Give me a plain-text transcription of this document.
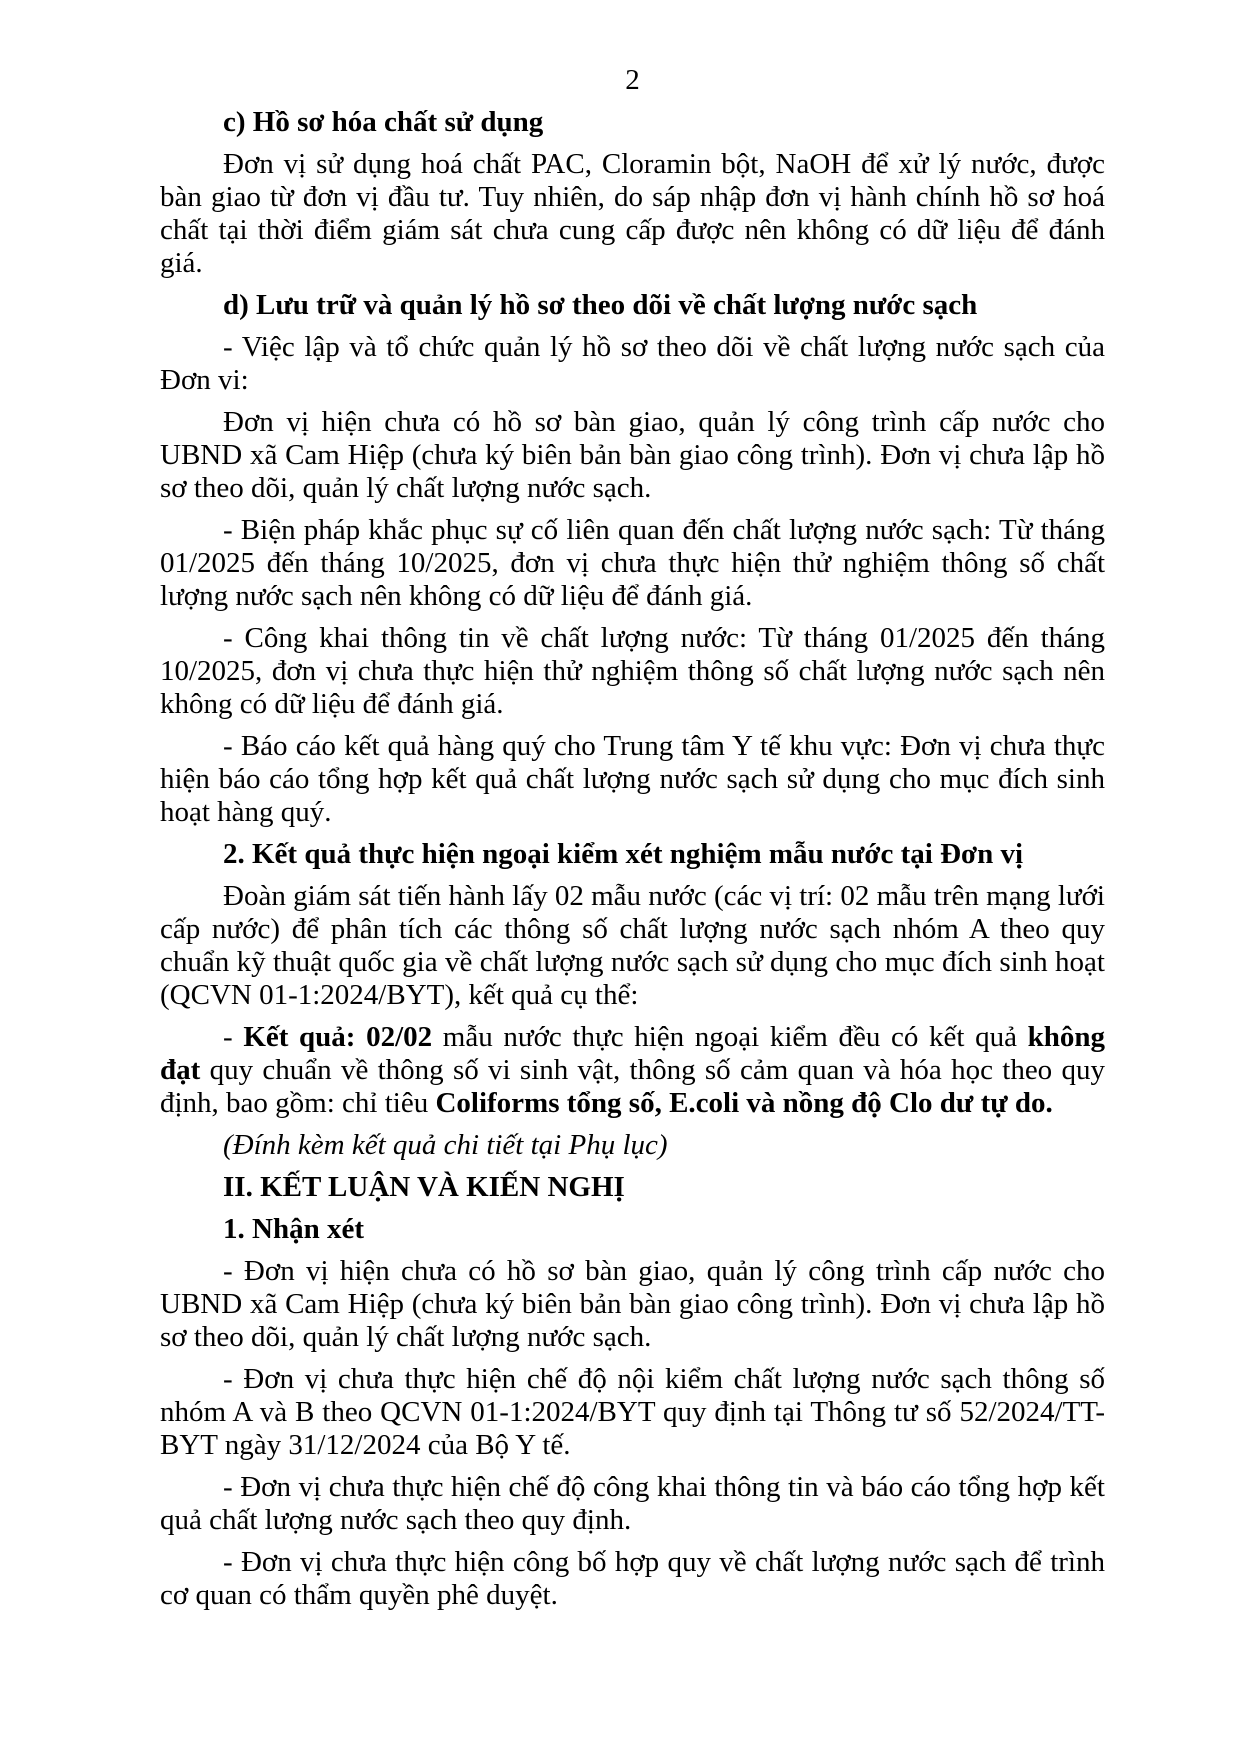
2
c) Hồ sơ hóa chất sử dụng

Đơn vị sử dụng hoá chất PAC, Cloramin bột, NaOH để xử lý nước, được bàn giao từ đơn vị đầu tư. Tuy nhiên, do sáp nhập đơn vị hành chính hồ sơ hoá chất tại thời điểm giám sát chưa cung cấp được nên không có dữ liệu để đánh giá.

d) Lưu trữ và quản lý hồ sơ theo dõi về chất lượng nước sạch

- Việc lập và tổ chức quản lý hồ sơ theo dõi về chất lượng nước sạch của Đơn vi:

Đơn vị hiện chưa có hồ sơ bàn giao, quản lý công trình cấp nước cho UBND xã Cam Hiệp (chưa ký biên bản bàn giao công trình). Đơn vị chưa lập hồ sơ theo dõi, quản lý chất lượng nước sạch.

- Biện pháp khắc phục sự cố liên quan đến chất lượng nước sạch: Từ tháng 01/2025 đến tháng 10/2025, đơn vị chưa thực hiện thử nghiệm thông số chất lượng nước sạch nên không có dữ liệu để đánh giá.

- Công khai thông tin về chất lượng nước: Từ tháng 01/2025 đến tháng 10/2025, đơn vị chưa thực hiện thử nghiệm thông số chất lượng nước sạch nên không có dữ liệu để đánh giá.

- Báo cáo kết quả hàng quý cho Trung tâm Y tế khu vực: Đơn vị chưa thực hiện báo cáo tổng hợp kết quả chất lượng nước sạch sử dụng cho mục đích sinh hoạt hàng quý.

2. Kết quả thực hiện ngoại kiểm xét nghiệm mẫu nước tại Đơn vị

Đoàn giám sát tiến hành lấy 02 mẫu nước (các vị trí: 02 mẫu trên mạng lưới cấp nước) để phân tích các thông số chất lượng nước sạch nhóm A theo quy chuẩn kỹ thuật quốc gia về chất lượng nước sạch sử dụng cho mục đích sinh hoạt (QCVN 01-1:2024/BYT), kết quả cụ thể:

- Kết quả: 02/02 mẫu nước thực hiện ngoại kiểm đều có kết quả không đạt quy chuẩn về thông số vi sinh vật, thông số cảm quan và hóa học theo quy định, bao gồm: chỉ tiêu Coliforms tổng số, E.coli và nồng độ Clo dư tự do.

(Đính kèm kết quả chi tiết tại Phụ lục)

II. KẾT LUẬN VÀ KIẾN NGHỊ
1. Nhận xét

- Đơn vị hiện chưa có hồ sơ bàn giao, quản lý công trình cấp nước cho UBND xã Cam Hiệp (chưa ký biên bản bàn giao công trình). Đơn vị chưa lập hồ sơ theo dõi, quản lý chất lượng nước sạch.

- Đơn vị chưa thực hiện chế độ nội kiểm chất lượng nước sạch thông số nhóm A và B theo QCVN 01-1:2024/BYT quy định tại Thông tư số 52/2024/TT-BYT ngày 31/12/2024 của Bộ Y tế.

- Đơn vị chưa thực hiện chế độ công khai thông tin và báo cáo tổng hợp kết quả chất lượng nước sạch theo quy định.

- Đơn vị chưa thực hiện công bố hợp quy về chất lượng nước sạch để trình cơ quan có thẩm quyền phê duyệt.
